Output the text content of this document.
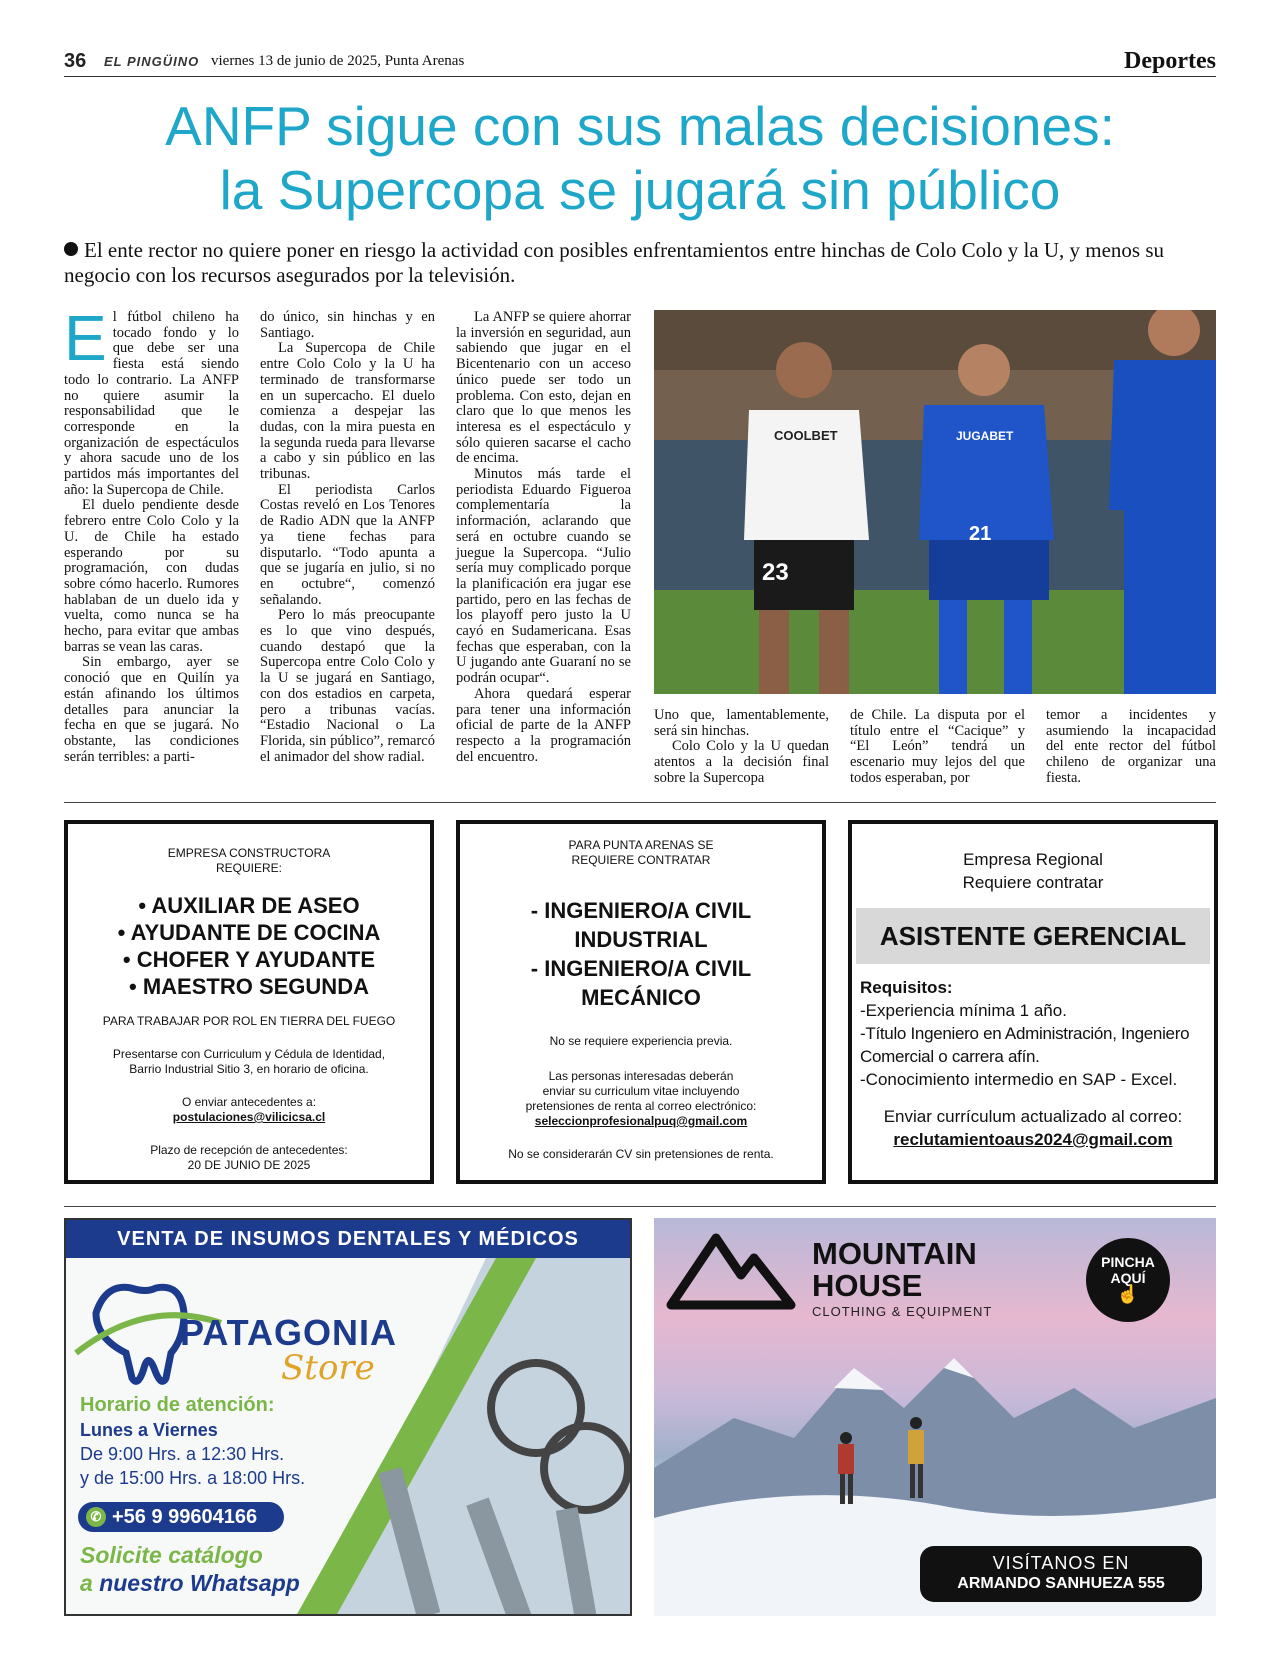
36 EL PINGÜINO viernes 13 de junio de 2025, Punta Arenas	Deportes
ANFP sigue con sus malas decisiones:
la Supercopa se jugará sin público
El ente rector no quiere poner en riesgo la actividad con posibles enfrentamientos entre hinchas de Colo Colo y la U, y menos su negocio con los recursos asegurados por la televisión.
E l fútbol chileno ha tocado fondo y lo que debe ser una fiesta está siendo todo lo contrario. La ANFP no quiere asumir la responsabilidad que le corresponde en la organización de espectáculos y ahora sacude uno de los partidos más importantes del año: la Supercopa de Chile.

El duelo pendiente desde febrero entre Colo Colo y la U. de Chile ha estado esperando por su programación, con dudas sobre cómo hacerlo. Rumores hablaban de un duelo ida y vuelta, como nunca se ha hecho, para evitar que ambas barras se vean las caras.

Sin embargo, ayer se conoció que en Quilín ya están afinando los últimos detalles para anunciar la fecha en que se jugará. No obstante, las condiciones serán terribles: a parti-

do único, sin hinchas y en Santiago.

La Supercopa de Chile entre Colo Colo y la U ha terminado de transformarse en un supercacho. El duelo comienza a despejar las dudas, con la mira puesta en la segunda rueda para llevarse a cabo y sin público en las tribunas.

El periodista Carlos Costas reveló en Los Tenores de Radio ADN que la ANFP ya tiene fechas para disputarlo. “Todo apunta a que se jugaría en julio, si no en octubre“, comenzó señalando.

Pero lo más preocupante es lo que vino después, cuando destapó que la Supercopa entre Colo Colo y la U se jugará en Santiago, con dos estadios en carpeta, pero a tribunas vacías. “Estadio Nacional o La Florida, sin público”, remarcó el animador del show radial.

La ANFP se quiere ahorrar la inversión en seguridad, aun sabiendo que jugar en el Bicentenario con un acceso único puede ser todo un problema. Con esto, dejan en claro que lo que menos les interesa es el espectáculo y sólo quieren sacarse el cacho de encima.

Minutos más tarde el periodista Eduardo Figueroa complementaría la información, aclarando que será en octubre cuando se juegue la Supercopa. “Julio sería muy complicado porque la planificación era jugar ese partido, pero en las fechas de los playoff pero justo la U cayó en Sudamericana. Esas fechas que esperaban, con la U jugando ante Guaraní no se podrán ocupar“.

Ahora quedará esperar para tener una información oficial de parte de la ANFP respecto a la programación del encuentro.

COOLBET
23
JUGABET
21

Uno que, lamentablemente, será sin hinchas.

Colo Colo y la U quedan atentos a la decisión final sobre la Supercopa

de Chile. La disputa por el título entre el “Cacique” y “El León” tendrá un escenario muy lejos del que todos esperaban, por

temor a incidentes y asumiendo la incapacidad del ente rector del fútbol chileno de organizar una fiesta.

EMPRESA CONSTRUCTORA
REQUIERE:
• AUXILIAR DE ASEO
• AYUDANTE DE COCINA
• CHOFER Y AYUDANTE
• MAESTRO SEGUNDA
PARA TRABAJAR POR ROL EN TIERRA DEL FUEGO
Presentarse con Curriculum y Cédula de Identidad,
Barrio Industrial Sitio 3, en horario de oficina.
O enviar antecedentes a:
postulaciones@vilicicsa.cl
Plazo de recepción de antecedentes:
20 DE JUNIO DE 2025
PARA PUNTA ARENAS SE
REQUIERE CONTRATAR
- INGENIERO/A CIVIL
INDUSTRIAL
- INGENIERO/A CIVIL
MECÁNICO
No se requiere experiencia previa.
Las personas interesadas deberán
enviar su curriculum vitae incluyendo
pretensiones de renta al correo electrónico:
seleccionprofesionalpuq@gmail.com
No se considerarán CV sin pretensiones de renta.
Empresa Regional
Requiere contratar
ASISTENTE GERENCIAL
Requisitos:
-Experiencia mínima 1 año.
-Título Ingeniero en Administración, Ingeniero Comercial o carrera afín.
-Conocimiento intermedio en SAP - Excel.
Enviar currículum actualizado al correo:
reclutamientoaus2024@gmail.com
VENTA DE INSUMOS DENTALES Y MÉDICOS
PATAGONIA
Store
Horario de atención:
Lunes a Viernes
De 9:00 Hrs. a 12:30 Hrs.
y de 15:00 Hrs. a 18:00 Hrs.
✆ +56 9 99604166
Solicite catálogo
a nuestro Whatsapp
MOUNTAIN
HOUSE
CLOTHING & EQUIPMENT
PINCHA
AQUÍ
☝
VISÍTANOS EN
ARMANDO SANHUEZA 555
